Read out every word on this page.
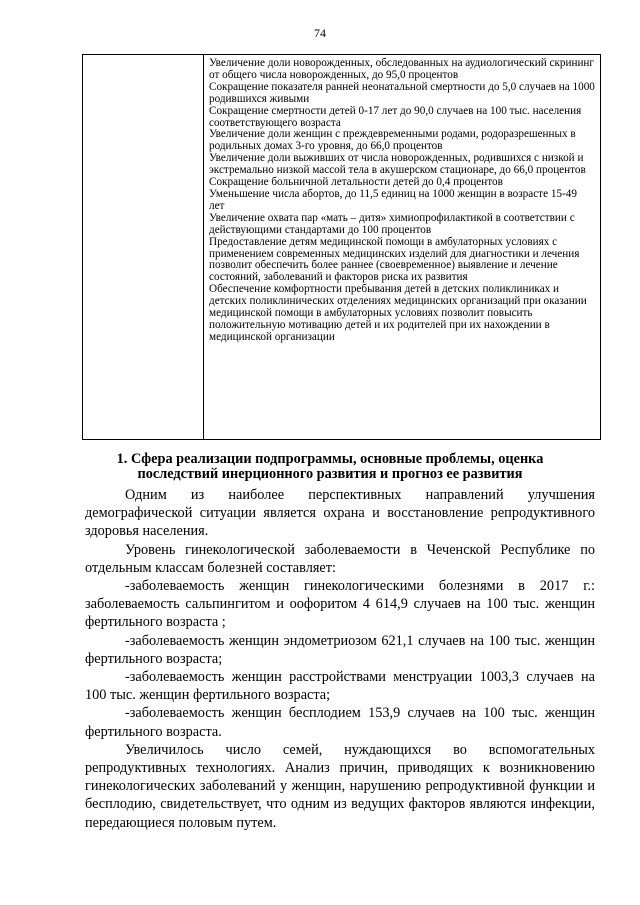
74

Увеличение доли новорожденных, обследованных на аудиологический скрининг от общего числа новорожденных, до 95,0 процентов

Сокращение показателя ранней неонатальной смертности до 5,0 случаев на 1000 родившихся живыми

Сокращение смертности детей 0-17 лет до 90,0 случаев на 100 тыс. населения соответствующего возраста

Увеличение доли женщин с преждевременными родами, родоразрешенных в родильных домах 3-го уровня, до 66,0 процентов

Увеличение доли выживших от числа новорожденных, родившихся с низкой и экстремально низкой массой тела в акушерском стационаре, до 66,0 процентов

Сокращение больничной летальности детей до 0,4 процентов

Уменьшение числа абортов, до 11,5 единиц на 1000 женщин в возрасте 15-49 лет

Увеличение охвата пар «мать – дитя» химиопрофилактикой в соответствии с действующими стандартами до 100 процентов

Предоставление детям медицинской помощи в амбулаторных условиях с применением современных медицинских изделий для диагностики и лечения позволит обеспечить более раннее (своевременное) выявление и лечение состояний, заболеваний и факторов риска их развития

Обеспечение комфортности пребывания детей в детских поликлиниках и детских поликлинических отделениях медицинских организаций при оказании медицинской помощи в амбулаторных условиях позволит повысить положительную мотивацию детей и их родителей при их нахождении в медицинской организации

1. Сфера реализации подпрограммы, основные проблемы, оценка последствий инерционного развития и прогноз ее развития

Одним из наиболее перспективных направлений улучшения демографической ситуации является охрана и восстановление репродуктивного здоровья населения.

Уровень гинекологической заболеваемости в Чеченской Республике по отдельным классам болезней составляет:

-заболеваемость женщин гинекологическими болезнями в 2017 г.: заболеваемость сальпингитом и оофоритом 4 614,9 случаев на 100 тыс. женщин фертильного возраста ;

-заболеваемость женщин эндометриозом 621,1 случаев на 100 тыс. женщин фертильного возраста;

-заболеваемость женщин расстройствами менструации 1003,3 случаев на 100 тыс. женщин фертильного возраста;

-заболеваемость женщин бесплодием 153,9 случаев на 100 тыс. женщин фертильного возраста.

Увеличилось число семей, нуждающихся во вспомогательных репродуктивных технологиях. Анализ причин, приводящих к возникновению гинекологических заболеваний у женщин, нарушению репродуктивной функции и бесплодию, свидетельствует, что одним из ведущих факторов являются инфекции, передающиеся половым путем.
